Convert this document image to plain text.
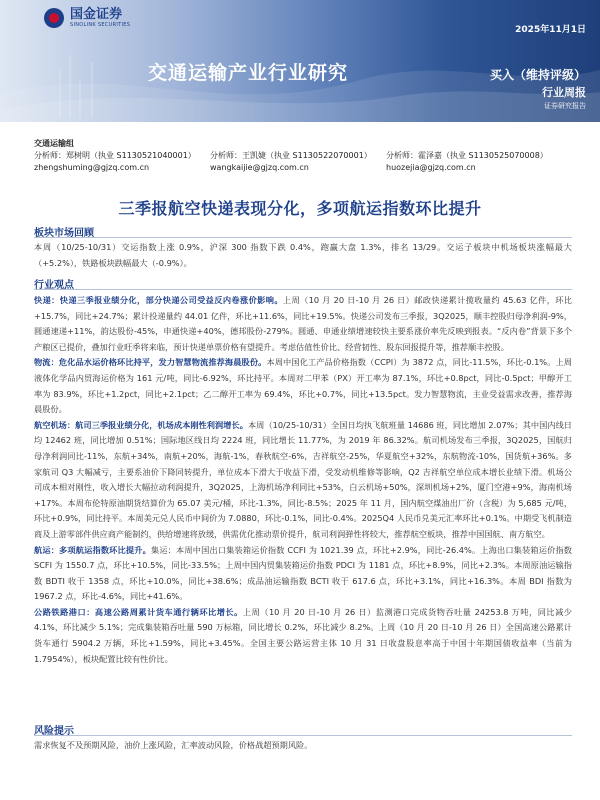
国金证券
SINOLINK SECURITIES
交通运输产业行业研究
2025年11月1日
买入（维持评级）
行业周报
证券研究报告
交通运输组
分析师：郑树明（执业 S1130521040001）	分析师：王凯婕（执业 S1130522070001）	分析师：霍泽嘉（执业 S1130525070008）
zhengshuming@gjzq.com.cn	wangkaijie@gjzq.com.cn	huozejia@gjzq.com.cn
三季报航空快递表现分化，多项航运指数环比提升
板块市场回顾
本周（10/25-10/31）交运指数上涨 0.9%，沪深 300 指数下跌 0.4%，跑赢大盘 1.3%，排名 13/29。交运子板块中机场板块涨幅最大（+5.2%），铁路板块跌幅最大（-0.9%）。
行业观点
快递：快递三季报业绩分化，部分快递公司受益反内卷涨价影响。上周（10 月 20 日-10 月 26 日）邮政快递累计揽收量约 45.63 亿件，环比+15.7%，同比+24.7%；累计投递量约 44.01 亿件，环比+11.6%，同比+19.5%。快递公司发布三季报，3Q2025，顺丰控股归母净利润-9%，圆通速递+11%，韵达股份-45%，申通快递+40%，德邦股份-279%。圆通、申通业绩增速较快主要系涨价率先反映到报表。“反内卷”背景下多个产粮区已提价，叠加行业旺季将来临，预计快递单票价格有望提升。考虑估值性价比、经营韧性、股东回报提升等，推荐顺丰控股。
物流：危化品水运价格环比持平，发力智慧物流推荐海晨股份。本周中国化工产品价格指数（CCPI）为 3872 点，同比-11.5%，环比-0.1%。上周液体化学品内贸海运价格为 161 元/吨，同比-6.92%，环比持平。本周对二甲苯（PX）开工率为 87.1%，环比+0.8pct，同比-0.5pct；甲醇开工率为 83.9%，环比+1.2pct，同比+2.1pct；乙二醇开工率为 69.4%，环比+0.7%，同比+13.5pct。发力智慧物流，主业受益需求改善，推荐海晨股份。
航空机场：航司三季报业绩分化，机场成本刚性利润增长。本周（10/25-10/31）全国日均执飞航班量 14686 班，同比增加 2.07%；其中国内线日均 12462 班，同比增加 0.51%；国际地区线日均 2224 班，同比增长 11.77%，为 2019 年 86.32%。航司机场发布三季报，3Q2025，国航归母净利润同比-11%，东航+34%，南航+20%，海航-1%，春秋航空-6%，吉祥航空-25%，华夏航空+32%，东航物流-10%，国货航+36%。多家航司 Q3 大幅减亏，主要系油价下降同转提升，单位成本下滑大于收益下滑，受发动机维修等影响，Q2 吉祥航空单位成本增长业绩下滑。机场公司成本相对刚性，收入增长大幅拉动利润提升，3Q2025，上海机场净利同比+53%，白云机场+50%，深圳机场+2%，厦门空港+9%，海南机场+17%。本周布伦特原油期货结算价为 65.07 美元/桶，环比-1.3%，同比-8.5%；2025 年 11 月，国内航空煤油出厂价（含税）为 5,685 元/吨，环比+0.9%，同比持平。本周美元兑人民币中间价为 7.0880，环比-0.1%，同比-0.4%。2025Q4 人民币兑美元汇率环比+0.1%。中期受飞机制造商及上游零部件供应商产能制约，供给增速将放缓，供需优化推动票价提升，航司利润弹性将较大，推荐航空板块，推荐中国国航、南方航空。
航运：多项航运指数环比提升。集运：本周中国出口集装箱运价指数 CCFI 为 1021.39 点，环比+2.9%，同比-26.4%。上海出口集装箱运价指数 SCFI 为 1550.7 点，环比+10.5%，同比-33.5%；上周中国内贸集装箱运价指数 PDCI 为 1181 点，环比+8.9%，同比+2.3%。本周原油运输指数 BDTI 收于 1358 点，环比+10.0%，同比+38.6%；成品油运输指数 BCTI 收于 617.6 点，环比+3.1%，同比+16.3%。本周 BDI 指数为 1967.2 点，环比-4.6%，同比+41.6%。
公路铁路港口：高速公路周累计货车通行辆环比增长。上周（10 月 20 日-10 月 26 日）监测港口完成货物吞吐量 24253.8 万吨，同比减少 4.1%，环比减少 5.1%；完成集装箱吞吐量 590 万标箱，同比增长 0.2%，环比减少 8.2%。上周（10 月 20 日-10 月 26 日）全国高速公路累计货车通行 5904.2 万辆，环比+1.59%，同比+3.45%。全国主要公路运营主体 10 月 31 日收盘股息率高于中国十年期国债收益率（当前为 1.7954%），板块配置比较有性价比。
风险提示
需求恢复不及预期风险，油价上涨风险，汇率波动风险，价格战超预期风险。
